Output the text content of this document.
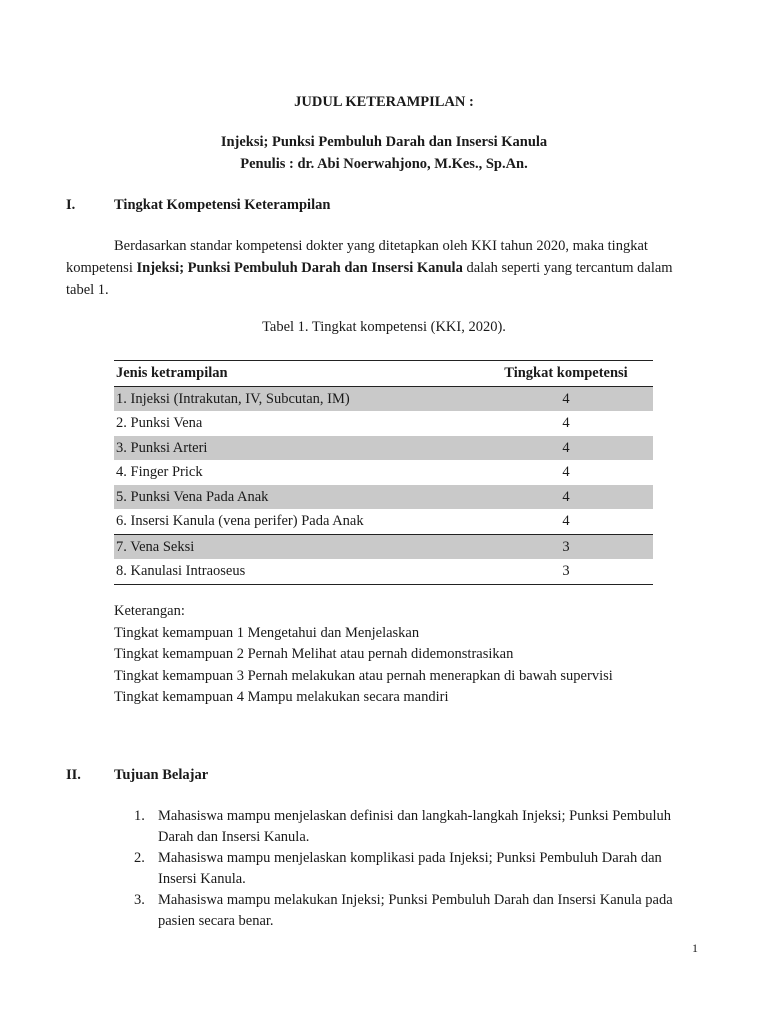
JUDUL KETERAMPILAN :
Injeksi; Punksi Pembuluh Darah dan Insersi Kanula
Penulis : dr. Abi Noerwahjono, M.Kes., Sp.An.
I.	Tingkat Kompetensi Keterampilan
Berdasarkan standar kompetensi dokter yang ditetapkan oleh KKI tahun 2020, maka tingkat kompetensi Injeksi; Punksi Pembuluh Darah dan Insersi Kanula dalah seperti yang tercantum dalam tabel 1.
Tabel 1. Tingkat kompetensi (KKI, 2020).
Jenis ketrampilan	Tingkat kompetensi
1. Injeksi (Intrakutan, IV, Subcutan, IM)	4
2. Punksi Vena	4
3. Punksi Arteri	4
4. Finger Prick	4
5. Punksi Vena Pada Anak	4
6. Insersi Kanula (vena perifer) Pada Anak	4
7. Vena Seksi	3
8. Kanulasi Intraoseus	3
Keterangan:
Tingkat kemampuan 1 Mengetahui dan Menjelaskan
Tingkat kemampuan 2 Pernah Melihat atau pernah didemonstrasikan
Tingkat kemampuan 3 Pernah melakukan atau pernah menerapkan di bawah supervisi
Tingkat kemampuan 4 Mampu melakukan secara mandiri
II. Tujuan Belajar
1. Mahasiswa mampu menjelaskan definisi dan langkah-langkah Injeksi; Punksi Pembuluh Darah dan Insersi Kanula.
2. Mahasiswa mampu menjelaskan komplikasi pada Injeksi; Punksi Pembuluh Darah dan Insersi Kanula.
3. Mahasiswa mampu melakukan Injeksi; Punksi Pembuluh Darah dan Insersi Kanula pada pasien secara benar.
1
